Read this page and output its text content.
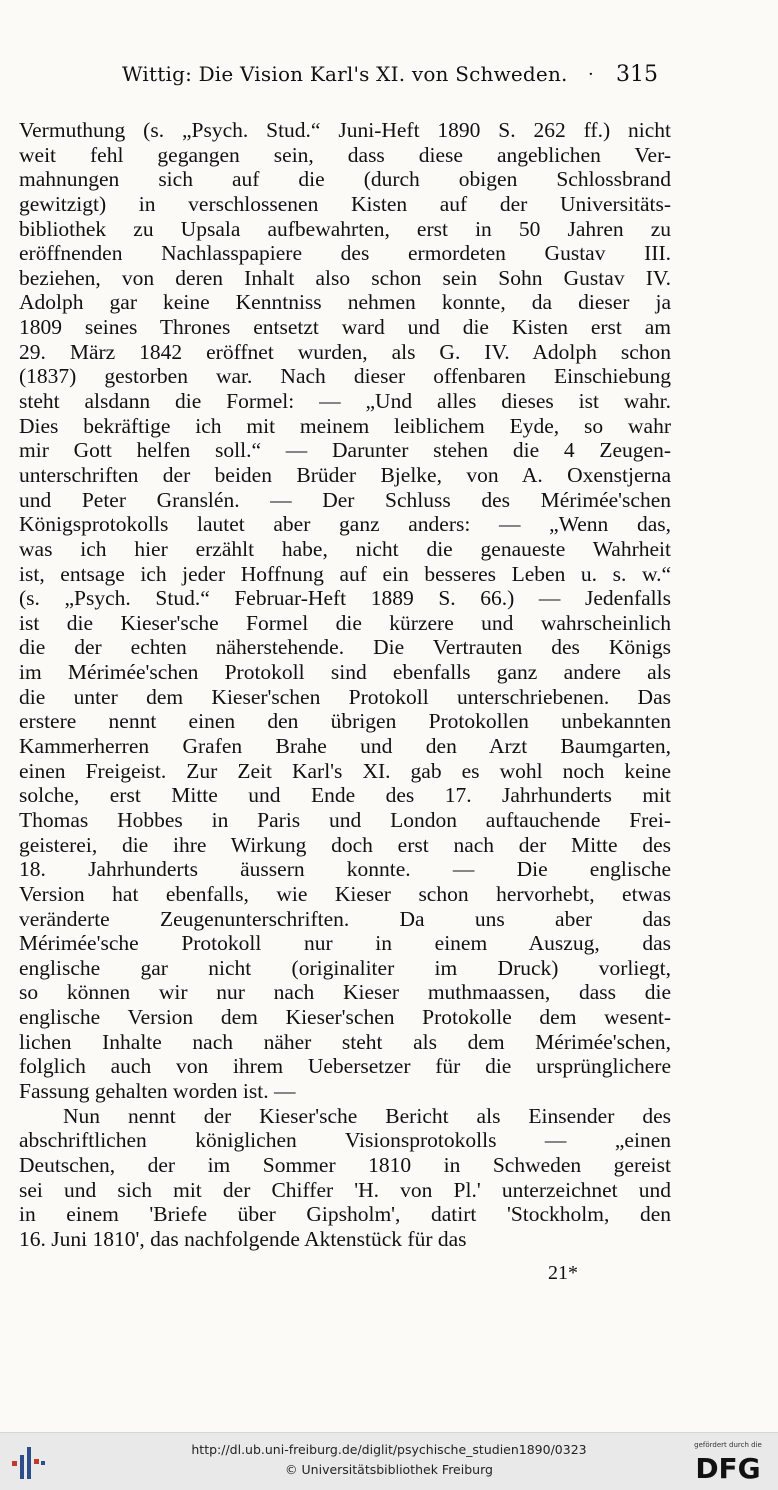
Wittig: Die Vision Karl's XI. von Schweden. · 315
Vermuthung (s. „Psych. Stud.“ Juni-Heft 1890 S. 262 ff.) nicht
weit fehl gegangen sein, dass diese angeblichen Ver-
mahnungen sich auf die (durch obigen Schlossbrand
gewitzigt) in verschlossenen Kisten auf der Universitäts-
bibliothek zu Upsala aufbewahrten, erst in 50 Jahren zu
eröffnenden Nachlasspapiere des ermordeten Gustav III.
beziehen, von deren Inhalt also schon sein Sohn Gustav IV.
Adolph gar keine Kenntniss nehmen konnte, da dieser ja
1809 seines Thrones entsetzt ward und die Kisten erst am
29. März 1842 eröffnet wurden, als G. IV. Adolph schon
(1837) gestorben war. Nach dieser offenbaren Einschiebung
steht alsdann die Formel: — „Und alles dieses ist wahr.
Dies bekräftige ich mit meinem leiblichem Eyde, so wahr
mir Gott helfen soll.“ — Darunter stehen die 4 Zeugen-
unterschriften der beiden Brüder Bjelke, von A. Oxenstjerna
und Peter Granslén. — Der Schluss des Mérimée'schen
Königsprotokolls lautet aber ganz anders: — „Wenn das,
was ich hier erzählt habe, nicht die genaueste Wahrheit
ist, entsage ich jeder Hoffnung auf ein besseres Leben u. s. w.“
(s. „Psych. Stud.“ Februar-Heft 1889 S. 66.) — Jedenfalls
ist die Kieser'sche Formel die kürzere und wahrscheinlich
die der echten näherstehende. Die Vertrauten des Königs
im Mérimée'schen Protokoll sind ebenfalls ganz andere als
die unter dem Kieser'schen Protokoll unterschriebenen. Das
erstere nennt einen den übrigen Protokollen unbekannten
Kammerherren Grafen Brahe und den Arzt Baumgarten,
einen Freigeist. Zur Zeit Karl's XI. gab es wohl noch keine
solche, erst Mitte und Ende des 17. Jahrhunderts mit
Thomas Hobbes in Paris und London auftauchende Frei-
geisterei, die ihre Wirkung doch erst nach der Mitte des
18. Jahrhunderts äussern konnte. — Die englische
Version hat ebenfalls, wie Kieser schon hervorhebt, etwas
veränderte Zeugenunterschriften. Da uns aber das
Mérimée'sche Protokoll nur in einem Auszug, das
englische gar nicht (originaliter im Druck) vorliegt,
so können wir nur nach Kieser muthmaassen, dass die
englische Version dem Kieser'schen Protokolle dem wesent-
lichen Inhalte nach näher steht als dem Mérimée'schen,
folglich auch von ihrem Uebersetzer für die ursprünglichere
Fassung gehalten worden ist. —
Nun nennt der Kieser'sche Bericht als Einsender des
abschriftlichen königlichen Visionsprotokolls — „einen
Deutschen, der im Sommer 1810 in Schweden gereist
sei und sich mit der Chiffer 'H. von Pl.' unterzeichnet und
in einem 'Briefe über Gipsholm', datirt 'Stockholm, den
16. Juni 1810', das nachfolgende Aktenstück für das
21*
http://dl.ub.uni-freiburg.de/diglit/psychische_studien1890/0323
© Universitätsbibliothek Freiburg
gefördert durch die
DFG
